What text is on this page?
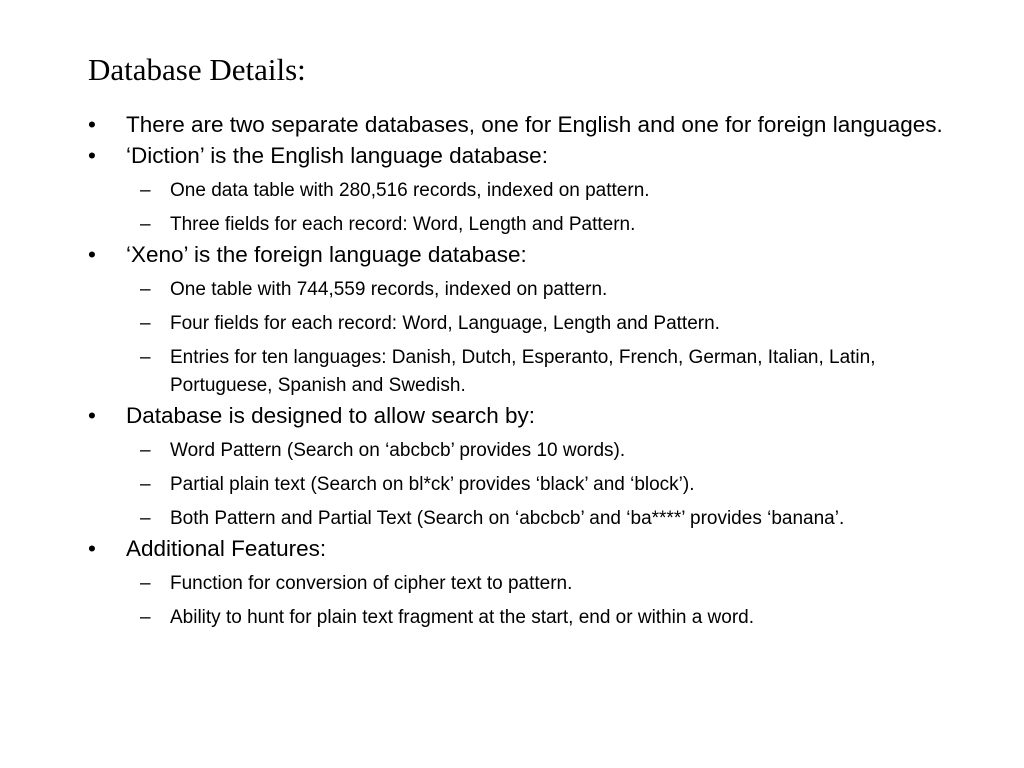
Database Details:
•	There are two separate databases, one for English and one for foreign languages.
•	‘Diction’ is the English language database:
–	One data table with 280,516 records, indexed on pattern.
–	Three fields for each record: Word, Length and Pattern.
•	‘Xeno’ is the foreign language database:
–	One table with 744,559 records, indexed on pattern.
–	Four fields for each record: Word, Language, Length and Pattern.
–	Entries for ten languages: Danish, Dutch, Esperanto, French, German, Italian, Latin, Portuguese, Spanish and Swedish.
•	Database is designed to allow search by:
–	Word Pattern (Search on ‘abcbcb’ provides 10 words).
–	Partial plain text (Search on bl*ck’ provides ‘black’ and ‘block’).
–	Both Pattern and Partial Text (Search on ‘abcbcb’ and ‘ba****’ provides ‘banana’.
•	Additional Features:
–	Function for conversion of cipher text to pattern.
–	Ability to hunt for plain text fragment at the start, end or within a word.
